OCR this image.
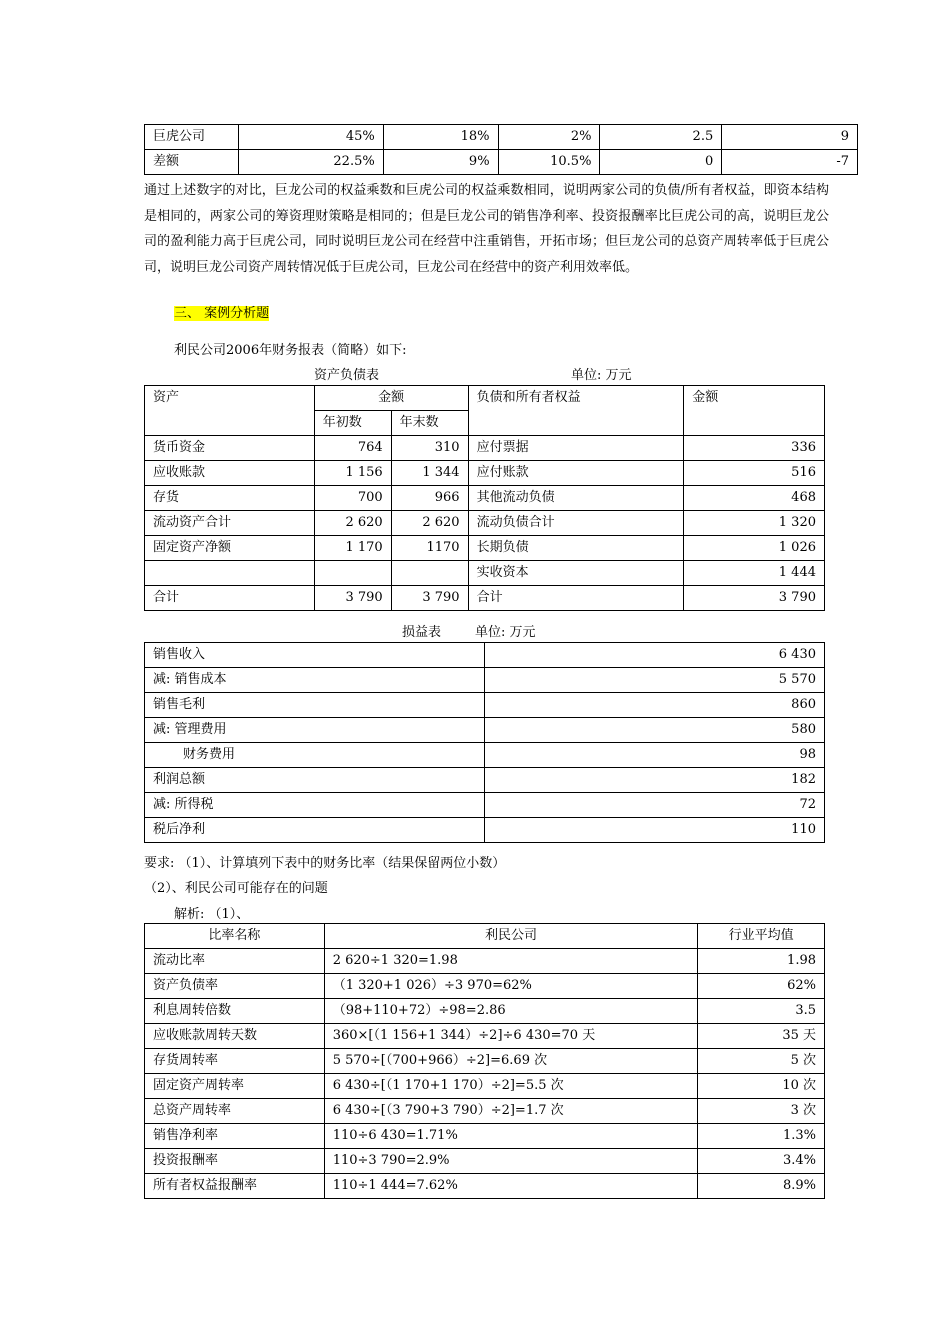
巨虎公司	45%	18%	2%	2.5	9
差额	22.5%	9%	10.5%	0	-7
通过上述数字的对比，巨龙公司的权益乘数和巨虎公司的权益乘数相同，说明两家公司的负债/所有者权益，即资本结构是相同的，两家公司的筹资理财策略是相同的；但是巨龙公司的销售净利率、投资报酬率比巨虎公司的高，说明巨龙公司的盈利能力高于巨虎公司，同时说明巨龙公司在经营中注重销售，开拓市场；但巨龙公司的总资产周转率低于巨虎公司，说明巨龙公司资产周转情况低于巨虎公司，巨龙公司在经营中的资产利用效率低。
三、 案例分析题
利民公司2006年财务报表（简略）如下:
资产负债表	单位: 万元
资产	金额		负债和所有者权益	金额
	年初数	年末数		
货币资金	764	310	应付票据	336
应收账款	1 156	1 344	应付账款	516
存货	700	966	其他流动负债	468
流动资产合计	2 620	2 620	流动负债合计	1 320
固定资产净额	1 170	1170	长期负债	1 026
			实收资本	1 444
合计	3 790	3 790	合计	3 790
损益表	单位: 万元
销售收入	6 430
减: 销售成本	5 570
销售毛利	860
减: 管理费用	580
财务费用	98
利润总额	182
减: 所得税	72
税后净利	110
要求: （1）、计算填列下表中的财务比率（结果保留两位小数）
（2）、利民公司可能存在的问题
解析: （1）、
比率名称	利民公司	行业平均值
流动比率	2 620÷1 320=1.98	1.98
资产负债率	（1 320+1 026）÷3 970=62%	62%
利息周转倍数	（98+110+72）÷98=2.86	3.5
应收账款周转天数	360×[（1 156+1 344）÷2]÷6 430=70 天	35 天
存货周转率	5 570÷[（700+966）÷2]=6.69 次	5 次
固定资产周转率	6 430÷[（1 170+1 170）÷2]=5.5 次	10 次
总资产周转率	6 430÷[（3 790+3 790）÷2]=1.7 次	3 次
销售净利率	110÷6 430=1.71%	1.3%
投资报酬率	110÷3 790=2.9%	3.4%
所有者权益报酬率	110÷1 444=7.62%	8.9%
